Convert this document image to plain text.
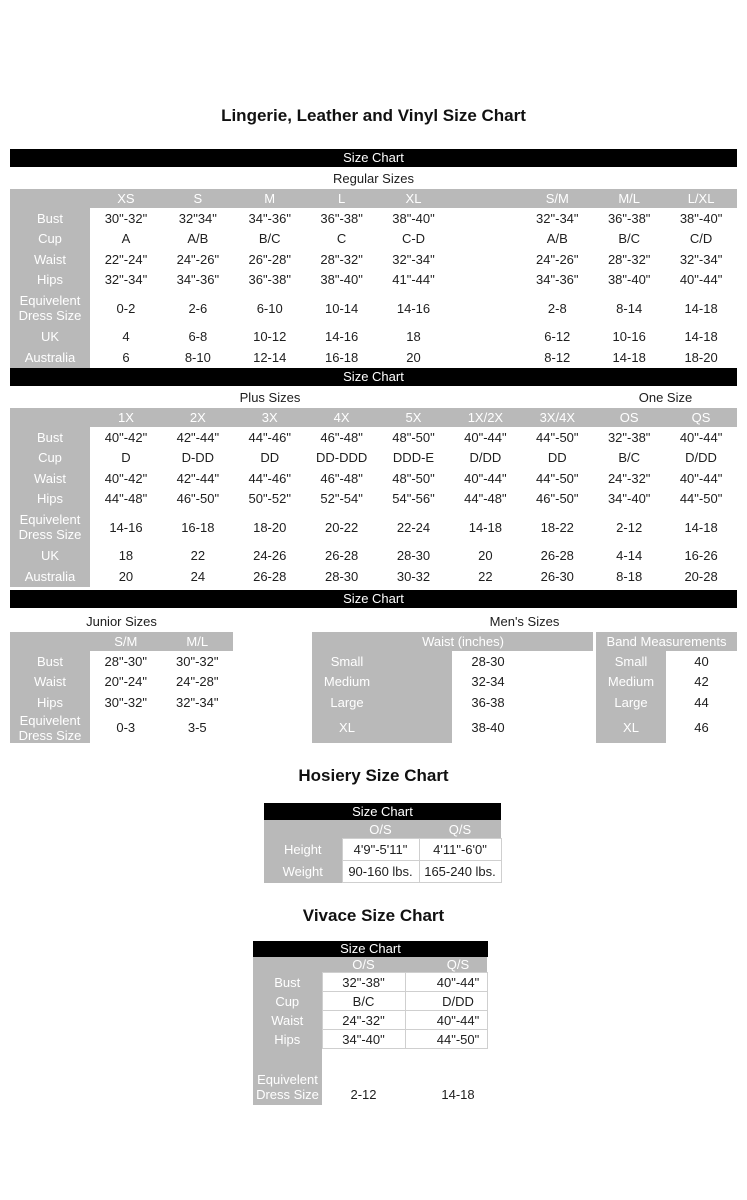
Lingerie, Leather and Vinyl Size Chart
Size Chart
Regular Sizes
	XS	S	M	L	XL		S/M	M/L	L/XL
Bust	30"-32"	32"34"	34"-36"	36"-38"	38"-40"		32"-34"	36"-38"	38"-40"
Cup	A	A/B	B/C	C	C-D		A/B	B/C	C/D
Waist	22"-24"	24"-26"	26"-28"	28"-32"	32"-34"		24"-26"	28"-32"	32"-34"
Hips	32"-34"	34"-36"	36"-38"	38"-40"	41"-44"		34"-36"	38"-40"	40"-44"
Equivelent Dress Size	0-2	2-6	6-10	10-14	14-16		2-8	8-14	14-18
UK	4	6-8	10-12	14-16	18		6-12	10-16	14-18
Australia	6	8-10	12-14	16-18	20		8-12	14-18	18-20
Size Chart
Plus Sizes	One Size
	1X	2X	3X	4X	5X	1X/2X	3X/4X	OS	QS
Bust	40"-42"	42"-44"	44"-46"	46"-48"	48"-50"	40"-44"	44"-50"	32"-38"	40"-44"
Cup	D	D-DD	DD	DD-DDD	DDD-E	D/DD	DD	B/C	D/DD
Waist	40"-42"	42"-44"	44"-46"	46"-48"	48"-50"	40"-44"	44"-50"	24"-32"	40"-44"
Hips	44"-48"	46"-50"	50"-52"	52"-54"	54"-56"	44"-48"	46"-50"	34"-40"	44"-50"
Equivelent Dress Size	14-16	16-18	18-20	20-22	22-24	14-18	18-22	2-12	14-18
UK	18	22	24-26	26-28	28-30	20	26-28	4-14	16-26
Australia	20	24	26-28	28-30	30-32	22	26-30	8-18	20-28
Size Chart
Junior Sizes	Men's Sizes
	S/M	M/L
Bust	28"-30"	30"-32"
Waist	20"-24"	24"-28"
Hips	30"-32"	32"-34"
Equivelent Dress Size	0-3	3-5
Waist (inches)	
Small	28-30
Medium	32-34
Large	36-38
XL	38-40
Band Measurements	
Small	40
Medium	42
Large	44
XL	46
Hosiery Size Chart
Size Chart
	O/S	Q/S
Height	4'9"-5'11"	4'11"-6'0"
Weight	90-160 lbs.	165-240 lbs.
Vivace Size Chart
Size Chart
	O/S	Q/S
Bust	32"-38"	40"-44"
Cup	B/C	D/DD
Waist	24"-32"	40"-44"
Hips	34"-40"	44"-50"

Equivelent Dress Size	2-12	14-18
